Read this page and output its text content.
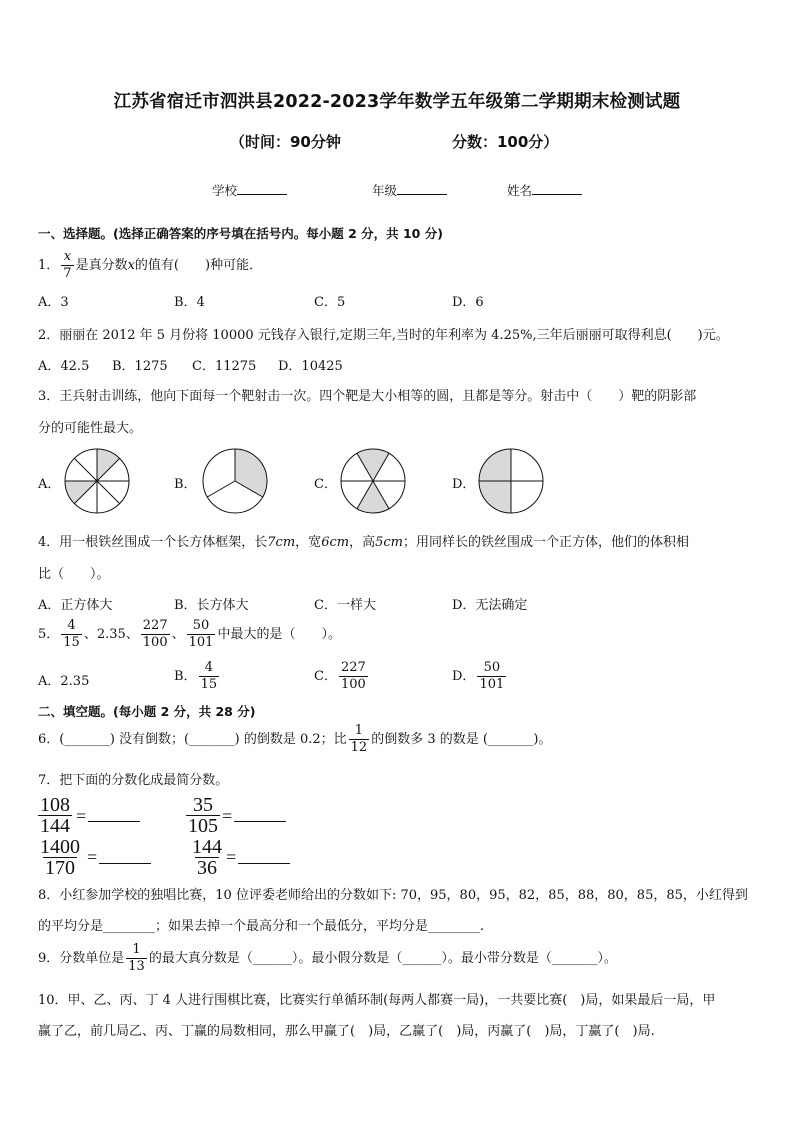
江苏省宿迁市泗洪县2022-2023学年数学五年级第二学期期末检测试题
（时间：90分钟	分数：100分）
学校	年级	姓名
一、选择题。(选择正确答案的序号填在括号内。每小题 2 分，共 10 分)
1． $\frac{x}{7}$ 是真分数x的值有(　　)种可能．
A．3	B．4	C．5	D．6
2．丽丽在 2012 年 5 月份将 10000 元钱存入银行,定期三年,当时的年利率为 4.25%,三年后丽丽可取得利息(　　)元。
A．42.5 B．1275 C．11275 D．10425
3．王兵射击训练，他向下面每一个靶射击一次。四个靶是大小相等的圆，且都是等分。射击中（　　）靶的阴影部
分的可能性最大。
A．	B．	C．	D．
4．用一根铁丝围成一个长方体框架，长7cm，宽6cm，高5cm；用同样长的铁丝围成一个正方体，他们的体积相
比（　　）。
A．正方体大	B．长方体大	C．一样大	D．无法确定
5． $\frac{4}{15}$ 、2.35、 $\frac{227}{100}$ 、 $\frac{50}{101}$ 中最大的是（　　）。
A．2.35	B． $\frac{4}{15}$	C． $\frac{227}{100}$	D． $\frac{50}{101}$
二、填空题。(每小题 2 分，共 28 分)
6．(_______) 没有倒数；(_______) 的倒数是 0.2；比 $\frac{1}{12}$ 的倒数多 3 的数是 (_______)。
7．把下面的分数化成最简分数。
$\frac{108}{144}$ =	$\frac{35}{105}$ =
$\frac{1400}{170}$ =	$\frac{144}{36}$ =
8．小红参加学校的独唱比赛，10 位评委老师给出的分数如下: 70，95，80，95，82，85，88，80，85，85，小红得到
的平均分是________；如果去掉一个最高分和一个最低分，平均分是________.
9．分数单位是 $\frac{1}{13}$ 的最大真分数是（______）。最小假分数是（______）。最小带分数是（_______）。
10．甲、乙、丙、丁 4 人进行围棋比赛，比赛实行单循环制(每两人都赛一局)，一共要比赛(　)局，如果最后一局，甲
赢了乙，前几局乙、丙、丁赢的局数相同，那么甲赢了(　)局，乙赢了(　)局，丙赢了(　)局，丁赢了(　)局.
